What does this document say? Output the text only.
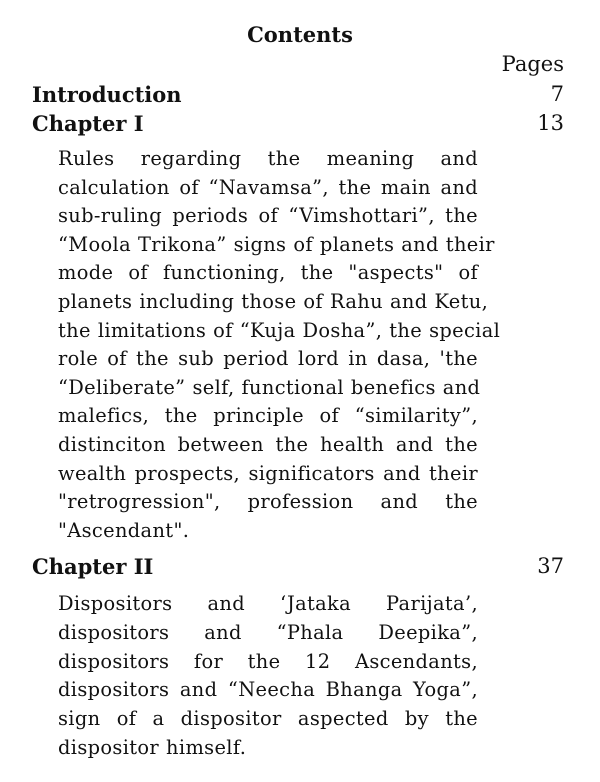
Contents
Pages
Introduction	7
Chapter I	13
Rules regarding the meaning and
calculation of “Navamsa”, the main and
sub-ruling periods of “Vimshottari”, the
“Moola Trikona” signs of planets and their
mode of functioning, the "aspects" of
planets including those of Rahu and Ketu,
the limitations of “Kuja Dosha”, the special
role of the sub period lord in dasa, 'the
“Deliberate” self, functional benefics and
malefics, the principle of “similarity”,
distinciton between the health and the
wealth prospects, significators and their
"retrogression", profession and the
"Ascendant".
Chapter II	37
Dispositors and ‘Jataka Parijata’,
dispositors and “Phala Deepika”,
dispositors for the 12 Ascendants,
dispositors and “Neecha Bhanga Yoga”,
sign of a dispositor aspected by the
dispositor himself.
